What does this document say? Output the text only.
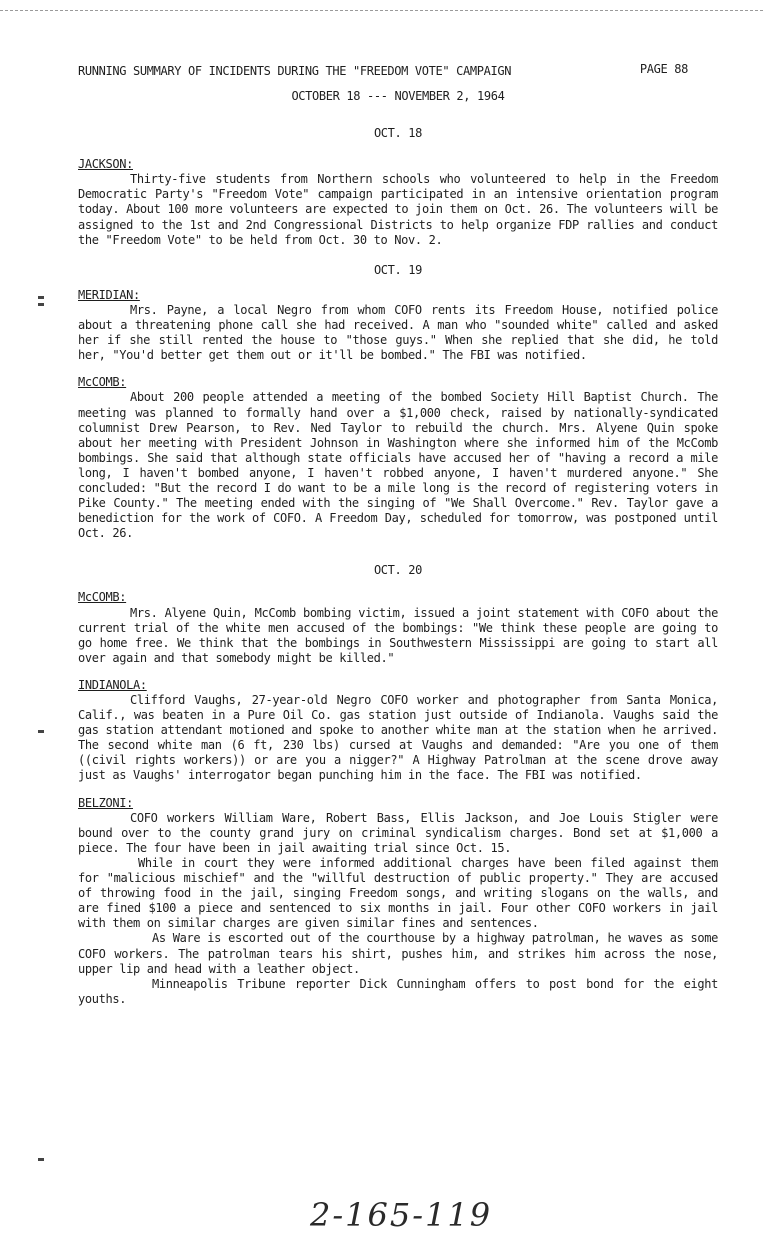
RUNNING SUMMARY OF INCIDENTS DURING THE "FREEDOM VOTE" CAMPAIGN	PAGE 88
OCTOBER 18 --- NOVEMBER 2, 1964
OCT. 18
JACKSON:
Thirty-five students from Northern schools who volunteered to help in the Freedom Democratic Party's "Freedom Vote" campaign participated in an intensive orientation program today. About 100 more volunteers are expected to join them on Oct. 26. The volunteers will be assigned to the 1st and 2nd Congressional Districts to help organize FDP rallies and conduct the "Freedom Vote" to be held from Oct. 30 to Nov. 2.
OCT. 19
MERIDIAN:
Mrs. Payne, a local Negro from whom COFO rents its Freedom House, notified police about a threatening phone call she had received. A man who "sounded white" called and asked her if she still rented the house to "those guys." When she replied that she did, he told her, "You'd better get them out or it'll be bombed." The FBI was notified.
McCOMB:
About 200 people attended a meeting of the bombed Society Hill Baptist Church. The meeting was planned to formally hand over a $1,000 check, raised by nationally-syndicated columnist Drew Pearson, to Rev. Ned Taylor to rebuild the church. Mrs. Alyene Quin spoke about her meeting with President Johnson in Washington where she informed him of the McComb bombings. She said that although state officials have accused her of "having a record a mile long, I haven't bombed anyone, I haven't robbed anyone, I haven't murdered anyone." She concluded: "But the record I do want to be a mile long is the record of registering voters in Pike County." The meeting ended with the singing of "We Shall Overcome." Rev. Taylor gave a benediction for the work of COFO. A Freedom Day, scheduled for tomorrow, was postponed until Oct. 26.
OCT. 20
McCOMB:
Mrs. Alyene Quin, McComb bombing victim, issued a joint statement with COFO about the current trial of the white men accused of the bombings: "We think these people are going to go home free. We think that the bombings in Southwestern Mississippi are going to start all over again and that somebody might be killed."
INDIANOLA:
Clifford Vaughs, 27-year-old Negro COFO worker and photographer from Santa Monica, Calif., was beaten in a Pure Oil Co. gas station just outside of Indianola. Vaughs said the gas station attendant motioned and spoke to another white man at the station when he arrived. The second white man (6 ft, 230 lbs) cursed at Vaughs and demanded: "Are you one of them ((civil rights workers)) or are you a nigger?" A Highway Patrolman at the scene drove away just as Vaughs' interrogator began punching him in the face. The FBI was notified.
BELZONI:
COFO workers William Ware, Robert Bass, Ellis Jackson, and Joe Louis Stigler were bound over to the county grand jury on criminal syndicalism charges. Bond set at $1,000 a piece. The four have been in jail awaiting trial since Oct. 15.
While in court they were informed additional charges have been filed against them for "malicious mischief" and the "willful destruction of public property." They are accused of throwing food in the jail, singing Freedom songs, and writing slogans on the walls, and are fined $100 a piece and sentenced to six months in jail. Four other COFO workers in jail with them on similar charges are given similar fines and sentences.
As Ware is escorted out of the courthouse by a highway patrolman, he waves as some COFO workers. The patrolman tears his shirt, pushes him, and strikes him across the nose, upper lip and head with a leather object.
Minneapolis Tribune reporter Dick Cunningham offers to post bond for the eight youths.
2-165-119
